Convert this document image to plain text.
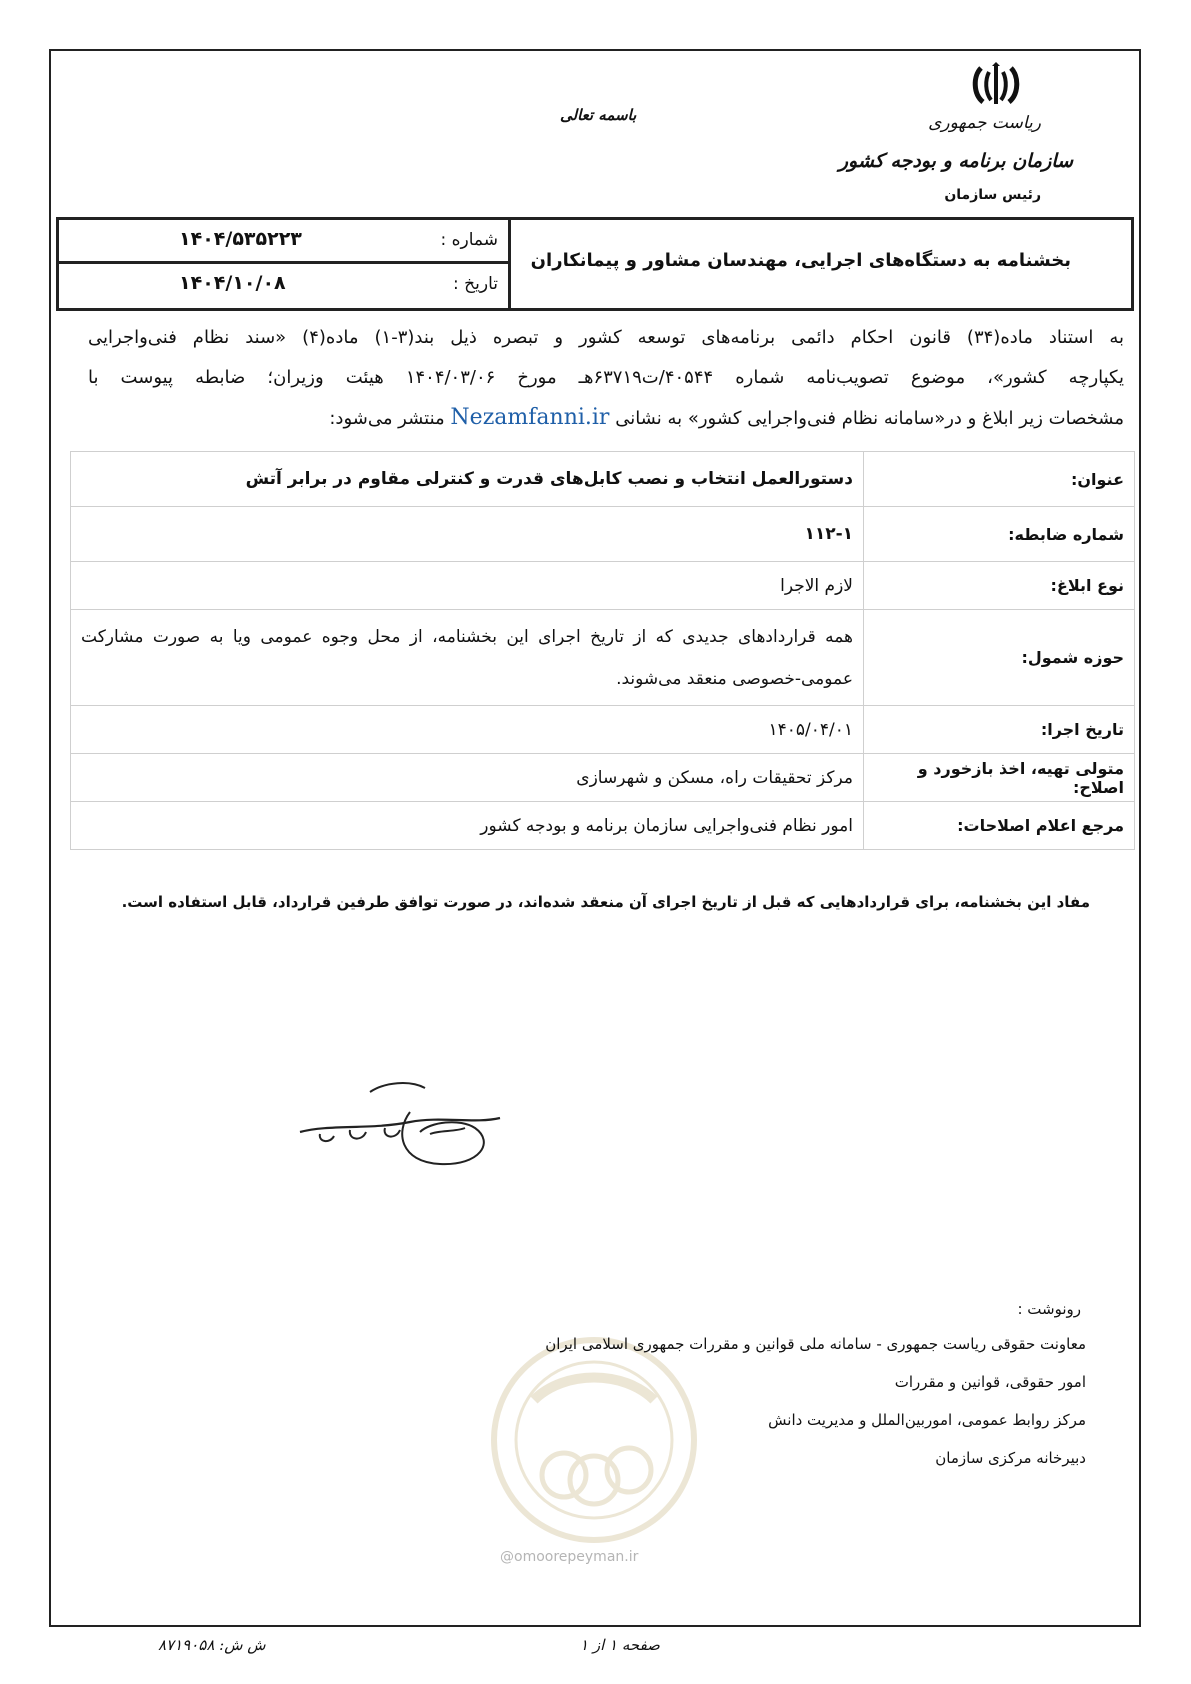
ریاست جمهوری
سازمان برنامه و بودجه کشور
رئیس سازمان
باسمه تعالی
شماره :
۱۴۰۴/۵۳۵۲۲۳
تاریخ :
۱۴۰۴/۱۰/۰۸
بخشنامه به دستگاه‌های اجرایی، مهندسان مشاور و پیمانکاران
به استناد ماده(۳۴) قانون احکام دائمی برنامه‌های توسعه کشور و تبصره ذیل بند(۳-۱) ماده(۴) «سند نظام فنی‌واجرایی
یکپارچه کشور»، موضوع تصویب‌نامه شماره ۴۰۵۴۴/ت۶۳۷۱۹هـ مورخ ۱۴۰۴/۰۳/۰۶ هیئت وزیران؛ ضابطه پیوست با
مشخصات زیر ابلاغ و در«سامانه نظام فنی‌واجرایی کشور» به نشانی Nezamfanni.ir منتشر می‌شود:
عنوان:	دستورالعمل انتخاب و نصب کابل‌های قدرت و کنترلی مقاوم در برابر آتش
شماره ضابطه:	۱۱۲-۱
نوع ابلاغ:	لازم الاجرا
حوزه شمول:	همه قراردادهای جدیدی که از تاریخ اجرای این بخشنامه، از محل وجوه عمومی ویا به صورت مشارکت عمومی-خصوصی منعقد می‌شوند.
تاریخ اجرا:	۱۴۰۵/۰۴/۰۱
متولی تهیه، اخذ بازخورد و اصلاح:	مرکز تحقیقات راه، مسکن و شهرسازی
مرجع اعلام اصلاحات:	امور نظام فنی‌واجرایی سازمان برنامه و بودجه کشور
مفاد این بخشنامه، برای قراردادهایی که قبل از تاریخ اجرای آن منعقد شده‌اند، در صورت توافق طرفین قرارداد، قابل استفاده است.
رونوشت :
معاونت حقوقی ریاست جمهوری - سامانه ملی قوانین و مقررات جمهوری اسلامی ایران
امور حقوقی، قوانین و مقررات
مرکز روابط عمومی، اموربین‌الملل و مدیریت دانش
دبیرخانه مرکزی سازمان
@omoorepeyman.ir
ش ش: ۸۷۱۹۰۵۸	صفحه ۱ از ۱
